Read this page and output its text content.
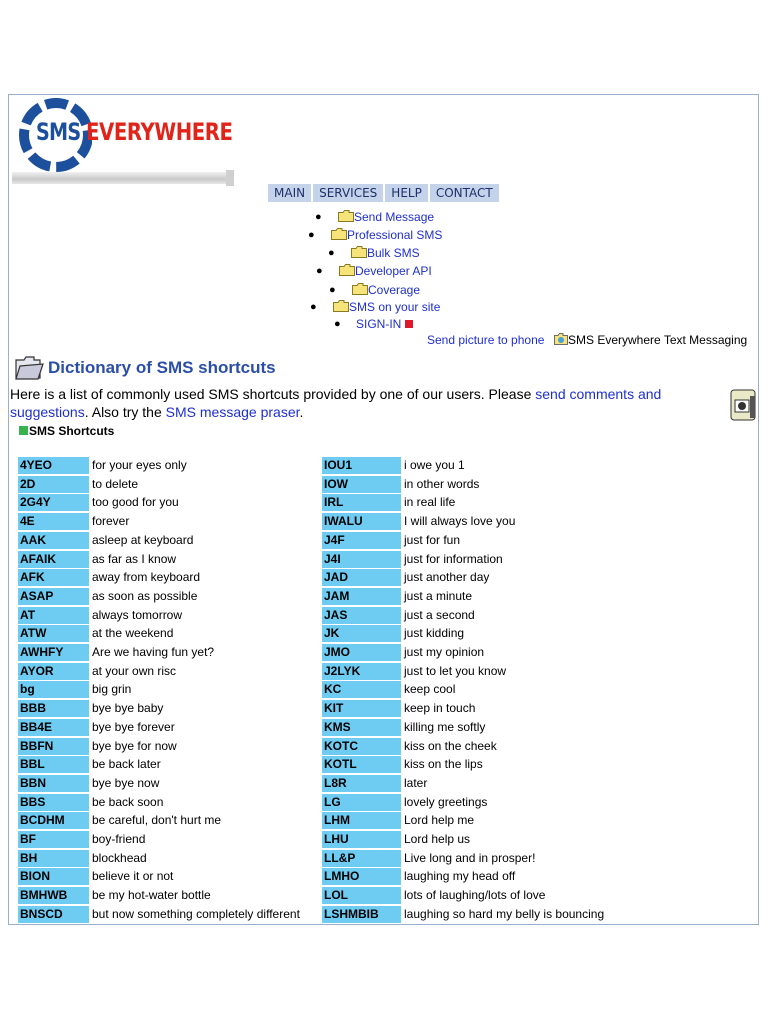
SMS EVERYWHERE
MAIN	SERVICES	HELP	CONTACT
●	Send Message
●	Professional SMS
●	Bulk SMS
●	Developer API
●	Coverage
●	SMS on your site
● SIGN-IN
Send picture to phone	SMS Everywhere Text Messaging
Dictionary of SMS shortcuts
Here is a list of commonly used SMS shortcuts provided by one of our users. Please send comments and suggestions. Also try the SMS message praser.
SMS Shortcuts
4YEO	for your eyes only
2D	to delete
2G4Y	too good for you
4E	forever
AAK	asleep at keyboard
AFAIK	as far as I know
AFK	away from keyboard
ASAP	as soon as possible
AT	always tomorrow
ATW	at the weekend
AWHFY	Are we having fun yet?
AYOR	at your own risc
bg	big grin
BBB	bye bye baby
BB4E	bye bye forever
BBFN	bye bye for now
BBL	be back later
BBN	bye bye now
BBS	be back soon
BCDHM	be careful, don't hurt me
BF	boy-friend
BH	blockhead
BION	believe it or not
BMHWB	be my hot-water bottle
BNSCD	but now something completely different
IOU1	i owe you 1
IOW	in other words
IRL	in real life
IWALU	I will always love you
J4F	just for fun
J4I	just for information
JAD	just another day
JAM	just a minute
JAS	just a second
JK	just kidding
JMO	just my opinion
J2LYK	just to let you know
KC	keep cool
KIT	keep in touch
KMS	killing me softly
KOTC	kiss on the cheek
KOTL	kiss on the lips
L8R	later
LG	lovely greetings
LHM	Lord help me
LHU	Lord help us
LL&P	Live long and in prosper!
LMHO	laughing my head off
LOL	lots of laughing/lots of love
LSHMBIB	laughing so hard my belly is bouncing
